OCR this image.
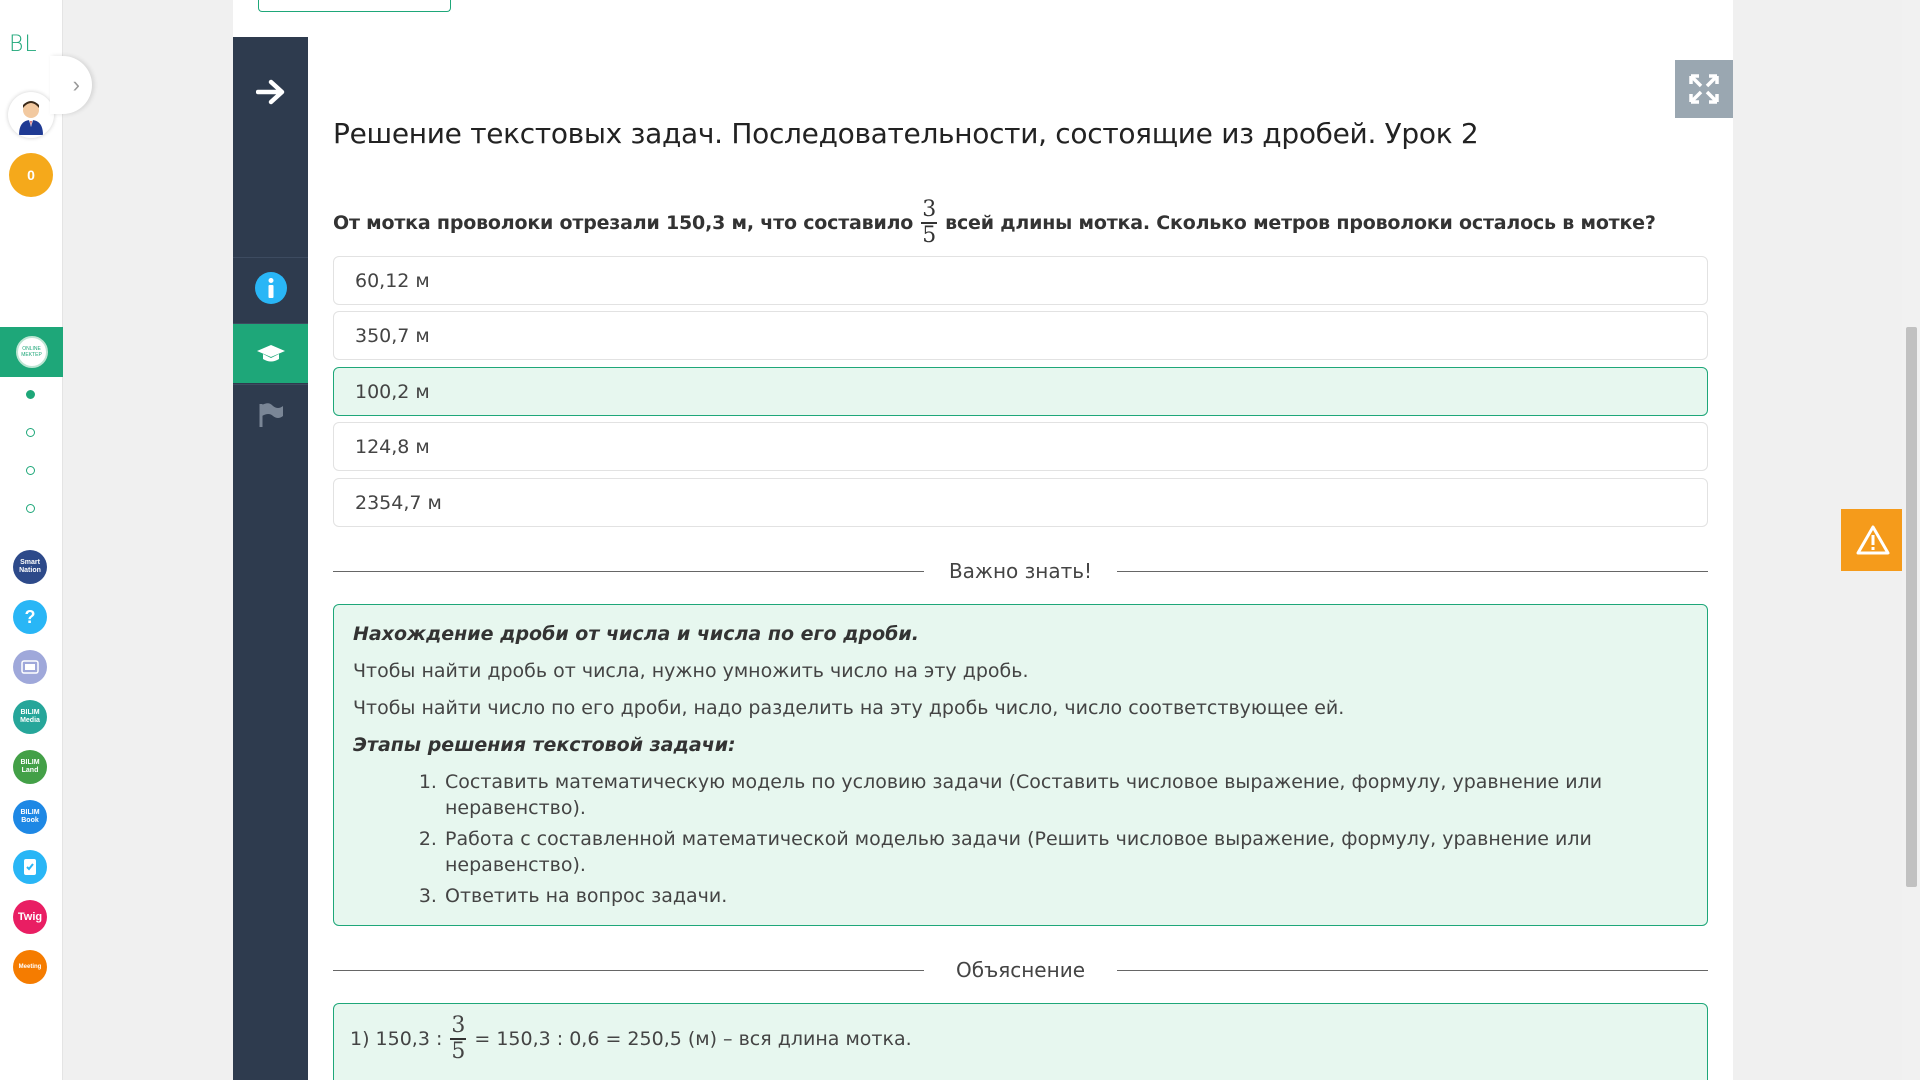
BL
0
ONLINE MEKTEP
Smart Nation
?
BILIM Media
BILIM Land
BILIM Book
Twig
Meeting
›
Решение текстовых задач. Последовательности, состоящие из дробей. Урок 2
От мотка проволоки отрезали 150,3 м, что составило $\frac{3}{5}$ всей длины мотка. Сколько метров проволоки осталось в мотке?
60,12 м
350,7 м
100,2 м
124,8 м
2354,7 м
Важно знать!

Нахождение дроби от числа и числа по его дроби.

Чтобы найти дробь от числа, нужно умножить число на эту дробь.

Чтобы найти число по его дроби, надо разделить на эту дробь число, число соответствующее ей.

Этапы решения текстовой задачи:

1. Составить математическую модель по условию задачи (Составить числовое выражение, формулу, уравнение или неравенство).
2. Работа с составленной математической моделью задачи (Решить числовое выражение, формулу, уравнение или неравенство).
3. Ответить на вопрос задачи.
Объяснение
1) 150,3 : $\frac{3}{5} = 150,3$ : 0,6 = 250,5 (м) – вся длина мотка.
